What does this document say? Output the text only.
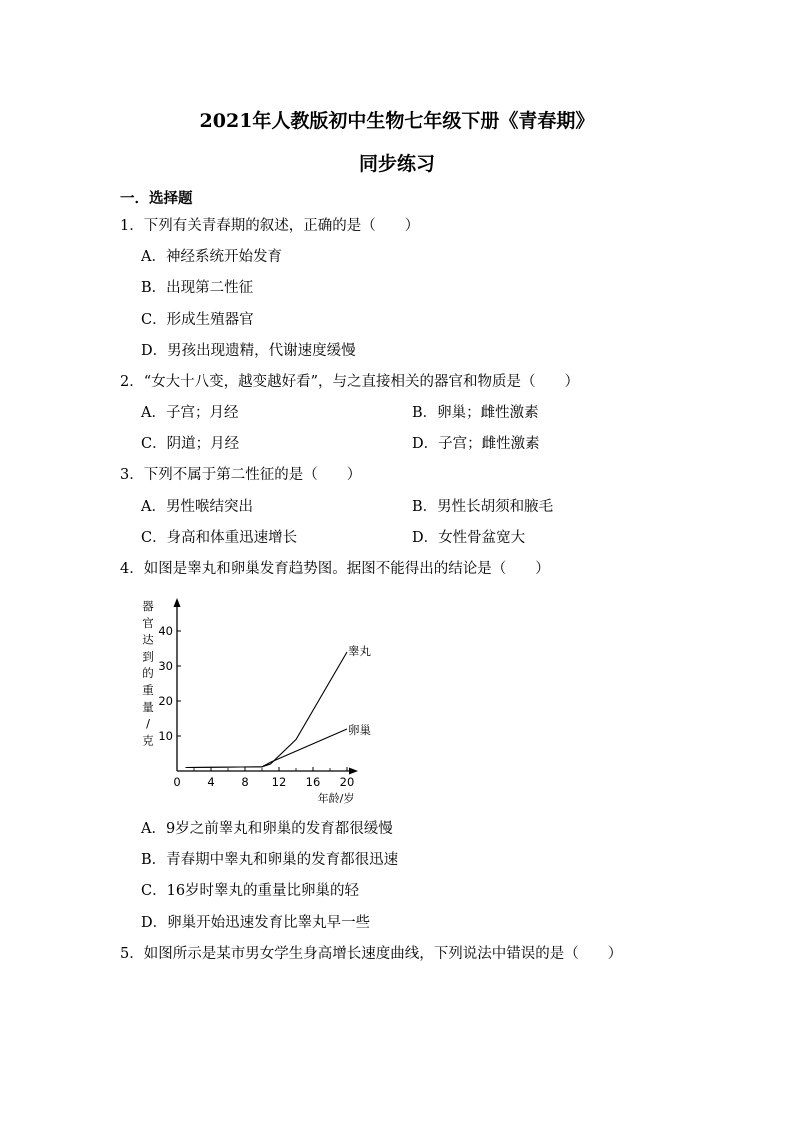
2021年人教版初中生物七年级下册《青春期》
同步练习
一．选择题
1．下列有关青春期的叙述，正确的是（　　）
A．神经系统开始发育
B．出现第二性征
C．形成生殖器官
D．男孩出现遗精，代谢速度缓慢
2．“女大十八变，越变越好看”，与之直接相关的器官和物质是（　　）
A．子宫；月经	B．卵巢；雌性激素
C．阴道；月经	D．子宫；雌性激素
3．下列不属于第二性征的是（　　）
A．男性喉结突出	B．男性长胡须和腋毛
C．身高和体重迅速增长	D．女性骨盆宽大
4．如图是睾丸和卵巢发育趋势图。据图不能得出的结论是（　　）
器
官
达
到
的
重
量
/
克
0 4 8 12 16 20
10
20
30
40
睾丸
卵巢
年龄/岁
A．9岁之前睾丸和卵巢的发育都很缓慢
B．青春期中睾丸和卵巢的发育都很迅速
C．16岁时睾丸的重量比卵巢的轻
D．卵巢开始迅速发育比睾丸早一些
5．如图所示是某市男女学生身高增长速度曲线，下列说法中错误的是（　　）
